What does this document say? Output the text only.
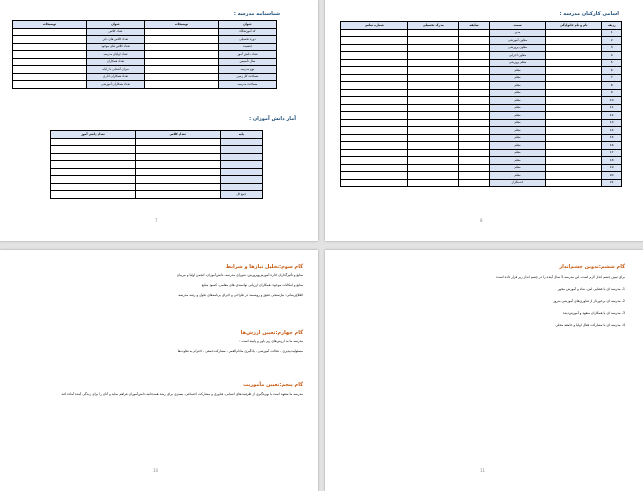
شناسنامه مدرسه :
عنوان	توضیحات	عنوان	توضیحات
کد آموزشگاه		تعداد کلاس	
دوره تحصیلی		تعداد کلاس های دایر	
جنسیت		تعداد کلاس های موجود	
تعداد دانش آموز		تعداد اولیای مدرسه	
سال تأسیس		تعداد همکاران	
نوع مدرسه		میزان آشنایی با رایانه	
مساحت کل زمین		تعداد همکاران اداری	
مساحت مدرسه		تعداد همکاران آموزشی	
آمار دانش آموزان :
پایه	تعداد کلاس	تعداد دانش آموز

جمع کل		
7
اسامی کارکنان مدرسه :
ردیف	نام و نام خانوادگی	سمت	سابقه	مدرک تحصیلی	شماره تماس
1		مدیر			
2		معاون آموزشی			
3		معاون پرورشی			
4		معاون اجرایی			
5		معلم پرورشی			
6		معلم			
7		معلم			
8		معلم			
9		معلم			
10		معلم			
11		معلم			
12		معلم			
13		معلم			
14		معلم			
15		معلم			
16		معلم			
17		معلم			
18		معلم			
19		معلم			
20		معلم			
21		خدمتگزار			
8
گام سوم:تحلیل نیازها و شرایط

منابع و تأثیرگذاران اداره آموزش‌وپرورش، شورای مدرسه، دانش‌آموزان، انجمن اولیا و مربیان

منابع و امکانات موجود: همکاران ارزیابی توانمندی های معلمی، کمبود منابع

اطلاع‌رسانی: نیاز‌سنجی دقیق و روشمند در طراحی و اجرای برنامه‌های تحول و رشد مدرسه.

گام چهارم:تعیین ارزش‌ها

مدرسه ما به ارزش‌های زیر باور و پایبند است :

مسئولیت‌پذیری ، عدالت آموزشی ، یادگیری مادام‌العمر ، مشارکت‌جمعی ، احترام به تفاوت‌ها

گام پنجم:تعیین مأموریت

مدرسه ما متعهد است با بهره‌گیری از ظرفیت‌های انسانی، فناوری و مشارکت اجتماعی، بستری برای رشد همه‌جانبه دانش‌آموزان فراهم نماید و آنان را برای زندگی آینده آماده کند.

10
گام ششم:تدوین چشم‌انداز

برای تبیین چشم انداز لازم است، این مدرسه 5 سال آینده را در چشم انداز زیر قرار داده است:

1- مدرسه ای با فضایی امن، شاد و آموزش محور

2- مدرسه ای برخوردار از فناوری‌های آموزشی به‌روز

3- مدرسه ای با همکاران متعهد و آموزش‌دیده

4- مدرسه ای با مشارکت فعال اولیا و جامعه محلی

11
